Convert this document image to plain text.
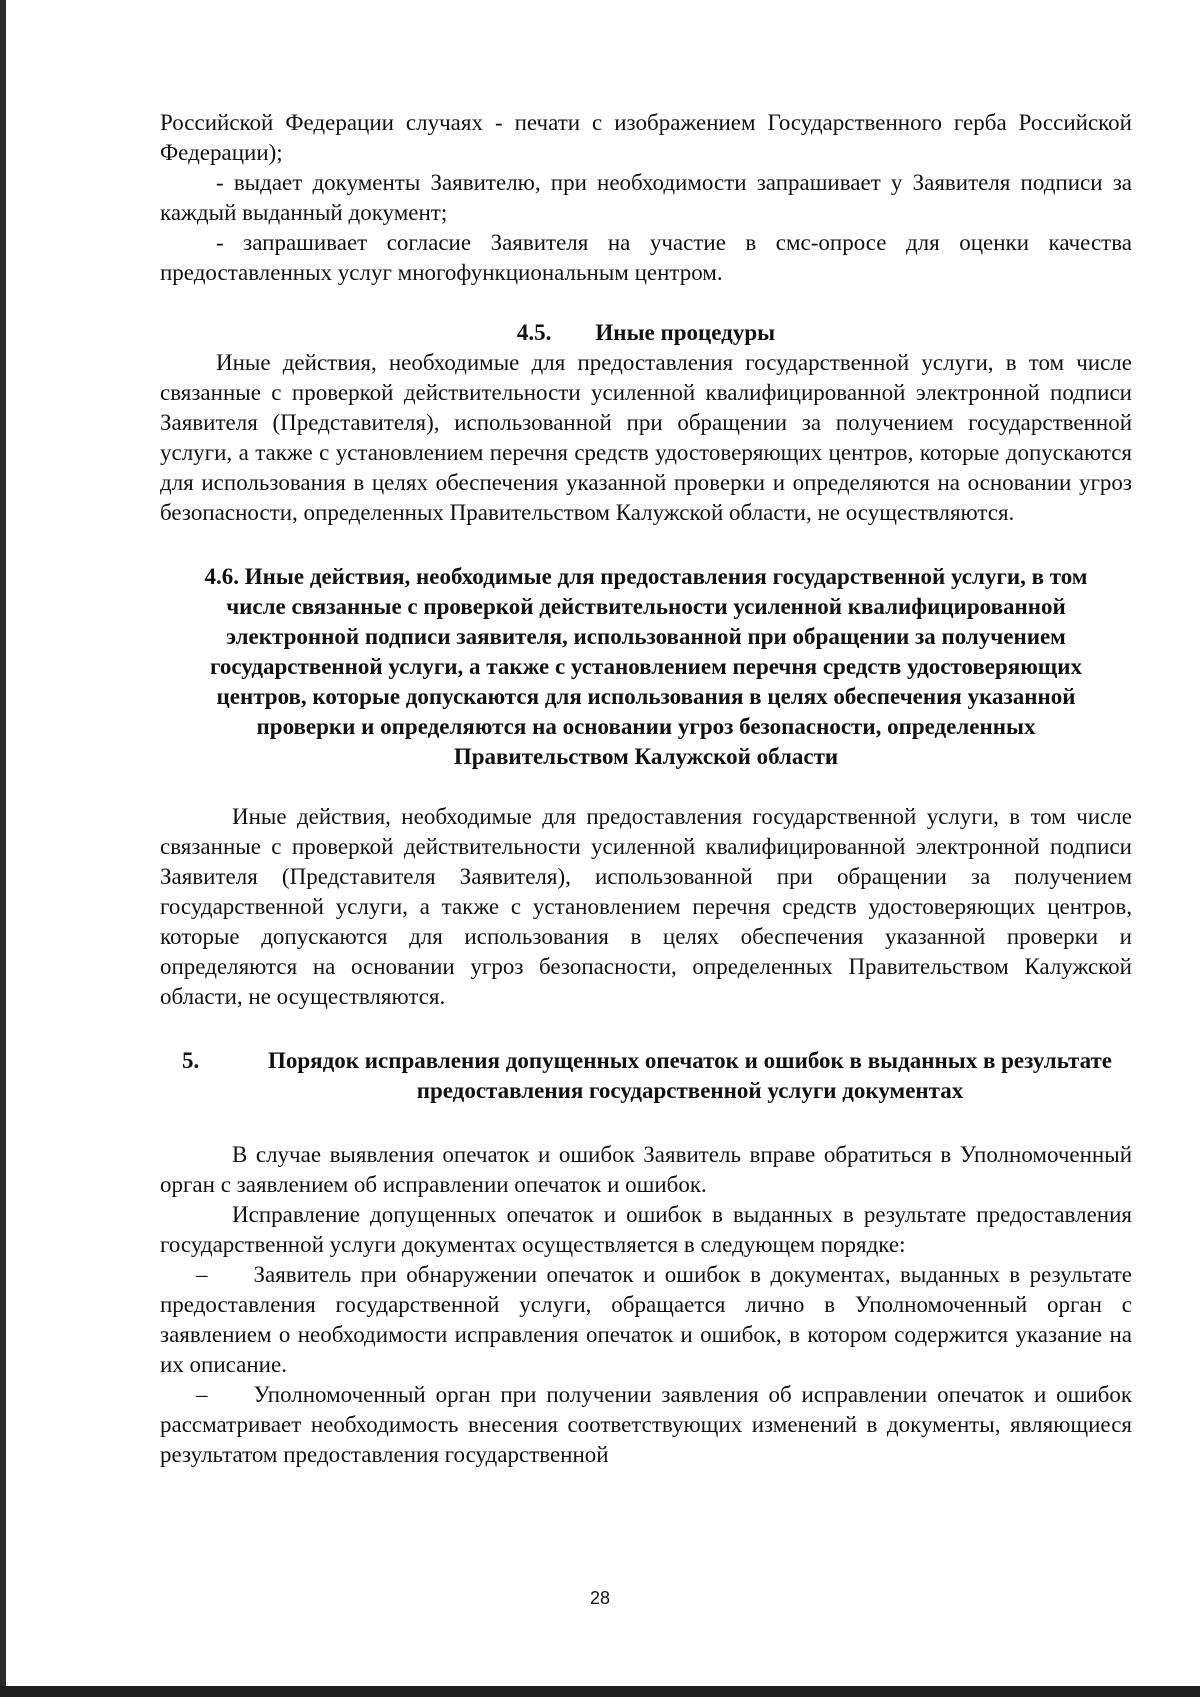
Российской Федерации случаях - печати с изображением Государственного герба Российской Федерации);

- выдает документы Заявителю, при необходимости запрашивает у Заявителя подписи за каждый выданный документ;

- запрашивает согласие Заявителя на участие в смс-опросе для оценки качества предоставленных услуг многофункциональным центром.

4.5. Иные процедуры

Иные действия, необходимые для предоставления государственной услуги, в том числе связанные с проверкой действительности усиленной квалифицированной электронной подписи Заявителя (Представителя), использованной при обращении за получением государственной услуги, а также с установлением перечня средств удостоверяющих центров, которые допускаются для использования в целях обеспечения указанной проверки и определяются на основании угроз безопасности, определенных Правительством Калужской области, не осуществляются.

4.6. Иные действия, необходимые для предоставления государственной услуги, в том числе связанные с проверкой действительности усиленной квалифицированной электронной подписи заявителя, использованной при обращении за получением государственной услуги, а также с установлением перечня средств удостоверяющих центров, которые допускаются для использования в целях обеспечения указанной проверки и определяются на основании угроз безопасности, определенных Правительством Калужской области

Иные действия, необходимые для предоставления государственной услуги, в том числе связанные с проверкой действительности усиленной квалифицированной электронной подписи Заявителя (Представителя Заявителя), использованной при обращении за получением государственной услуги, а также с установлением перечня средств удостоверяющих центров, которые допускаются для использования в целях обеспечения указанной проверки и определяются на основании угроз безопасности, определенных Правительством Калужской области, не осуществляются.

5.	Порядок исправления допущенных опечаток и ошибок в выданных в результате предоставления государственной услуги документах

В случае выявления опечаток и ошибок Заявитель вправе обратиться в Уполномоченный орган с заявлением об исправлении опечаток и ошибок.

Исправление допущенных опечаток и ошибок в выданных в результате предоставления государственной услуги документах осуществляется в следующем порядке:

–  Заявитель при обнаружении опечаток и ошибок в документах, выданных в результате предоставления государственной услуги, обращается лично в Уполномоченный орган с заявлением о необходимости исправления опечаток и ошибок, в котором содержится указание на их описание.

–  Уполномоченный орган при получении заявления об исправлении опечаток и ошибок рассматривает необходимость внесения соответствующих изменений в документы, являющиеся результатом предоставления государственной

28
